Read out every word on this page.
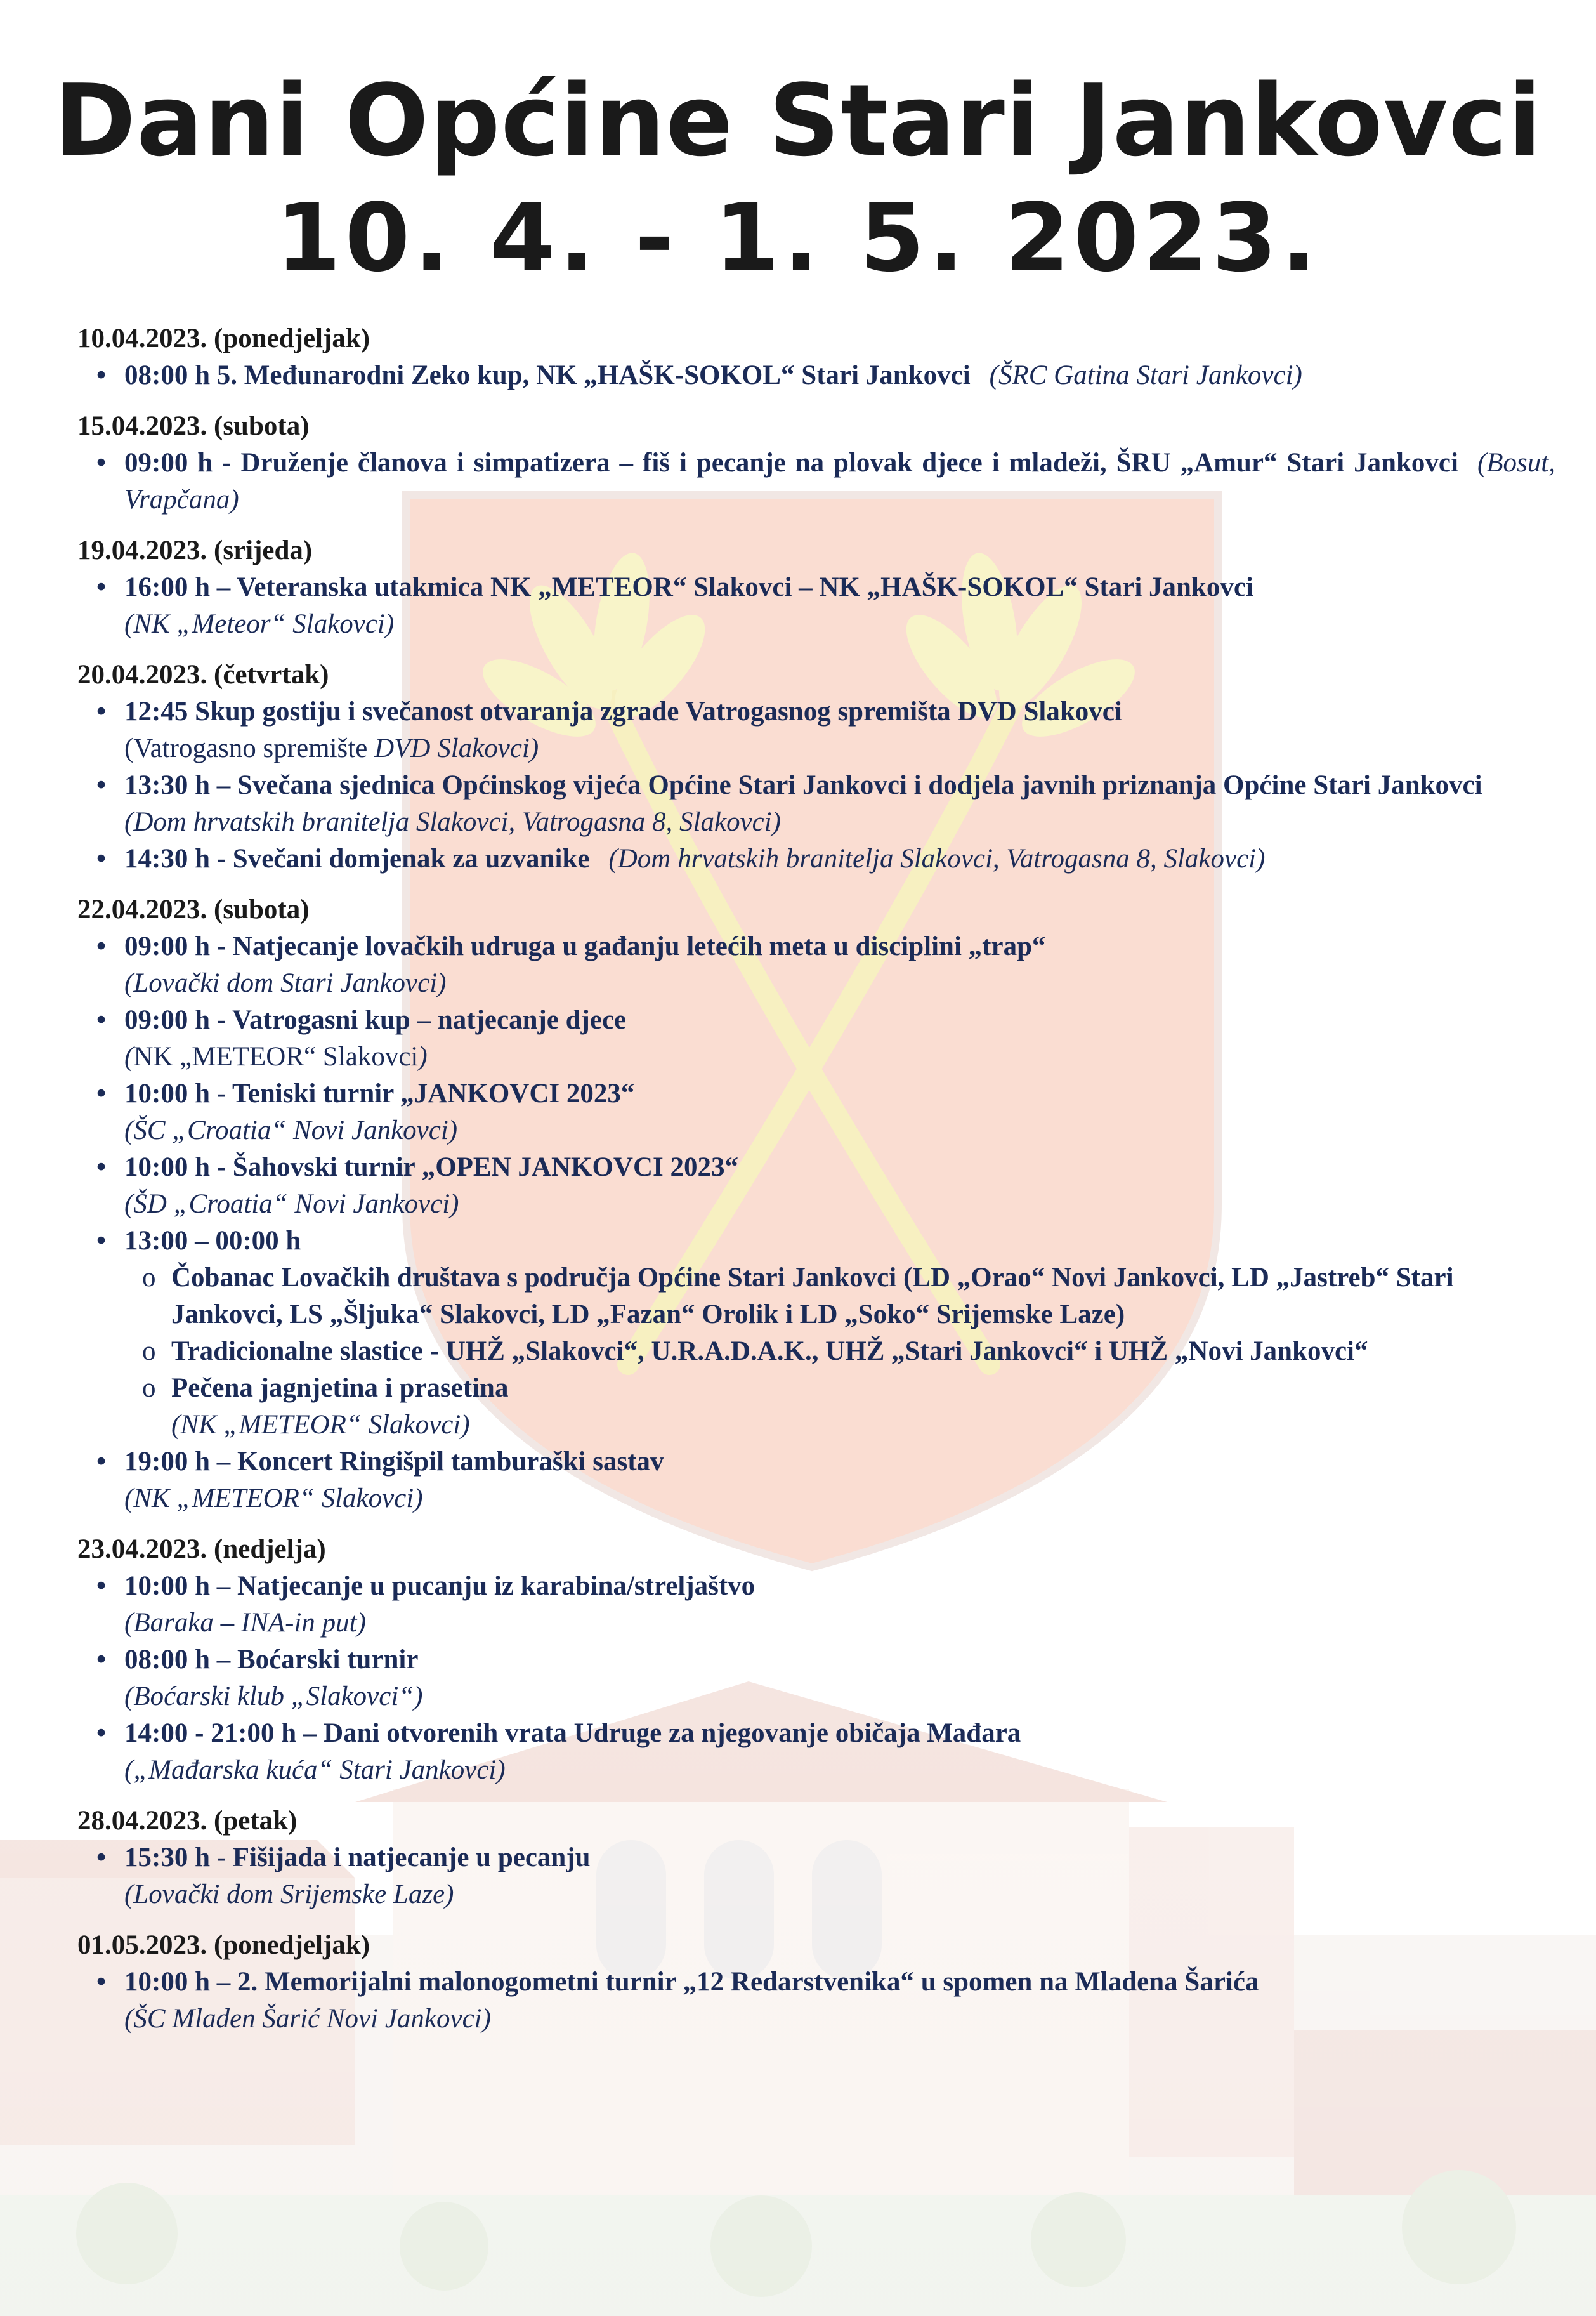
Dani Općine Stari Jankovci
10. 4. - 1. 5. 2023.
10.04.2023. (ponedjeljak)
• 08:00 h 5. Međunarodni Zeko kup, NK „HAŠK-SOKOL“ Stari Jankovci (ŠRC Gatina Stari Jankovci)
15.04.2023. (subota)
• 09:00 h - Druženje članova i simpatizera – fiš i pecanje na plovak djece i mladeži, ŠRU „Amur“ Stari Jankovci (Bosut, Vrapčana)
19.04.2023. (srijeda)
• 16:00 h – Veteranska utakmica NK „METEOR“ Slakovci – NK „HAŠK-SOKOL“ Stari Jankovci
(NK „Meteor“ Slakovci)
20.04.2023. (četvrtak)
• 12:45 Skup gostiju i svečanost otvaranja zgrade Vatrogasnog spremišta DVD Slakovci
(Vatrogasno spremište DVD Slakovci)
• 13:30 h – Svečana sjednica Općinskog vijeća Općine Stari Jankovci i dodjela javnih priznanja Općine Stari Jankovci(Dom hrvatskih branitelja Slakovci, Vatrogasna 8, Slakovci)
• 14:30 h - Svečani domjenak za uzvanike (Dom hrvatskih branitelja Slakovci, Vatrogasna 8, Slakovci)
22.04.2023. (subota)
• 09:00 h - Natjecanje lovačkih udruga u gađanju letećih meta u disciplini „trap“
(Lovački dom Stari Jankovci)
• 09:00 h - Vatrogasni kup – natjecanje djece
(NK „METEOR“ Slakovci)
• 10:00 h - Teniski turnir „JANKOVCI 2023“
(ŠC „Croatia“ Novi Jankovci)
• 10:00 h - Šahovski turnir „OPEN JANKOVCI 2023“
(ŠD „Croatia“ Novi Jankovci)
• 13:00 – 00:00 h
o Čobanac Lovačkih društava s područja Općine Stari Jankovci (LD „Orao“ Novi Jankovci, LD „Jastreb“ Stari Jankovci, LS „Šljuka“ Slakovci, LD „Fazan“ Orolik i LD „Soko“ Srijemske Laze)
o Tradicionalne slastice - UHŽ „Slakovci“, U.R.A.D.A.K., UHŽ „Stari Jankovci“ i UHŽ „Novi Jankovci“
o Pečena jagnjetina i prasetina
(NK „METEOR“ Slakovci)
• 19:00 h – Koncert Ringišpil tamburaški sastav
(NK „METEOR“ Slakovci)
23.04.2023. (nedjelja)
• 10:00 h – Natjecanje u pucanju iz karabina/streljaštvo
(Baraka – INA-in put)
• 08:00 h – Boćarski turnir
(Boćarski klub „Slakovci“)
• 14:00 - 21:00 h – Dani otvorenih vrata Udruge za njegovanje običaja Mađara
(„Mađarska kuća“ Stari Jankovci)
28.04.2023. (petak)
• 15:30 h - Fišijada i natjecanje u pecanju
(Lovački dom Srijemske Laze)
01.05.2023. (ponedjeljak)
• 10:00 h – 2. Memorijalni malonogometni turnir „12 Redarstvenika“ u spomen na Mladena Šarića
(ŠC Mladen Šarić Novi Jankovci)
